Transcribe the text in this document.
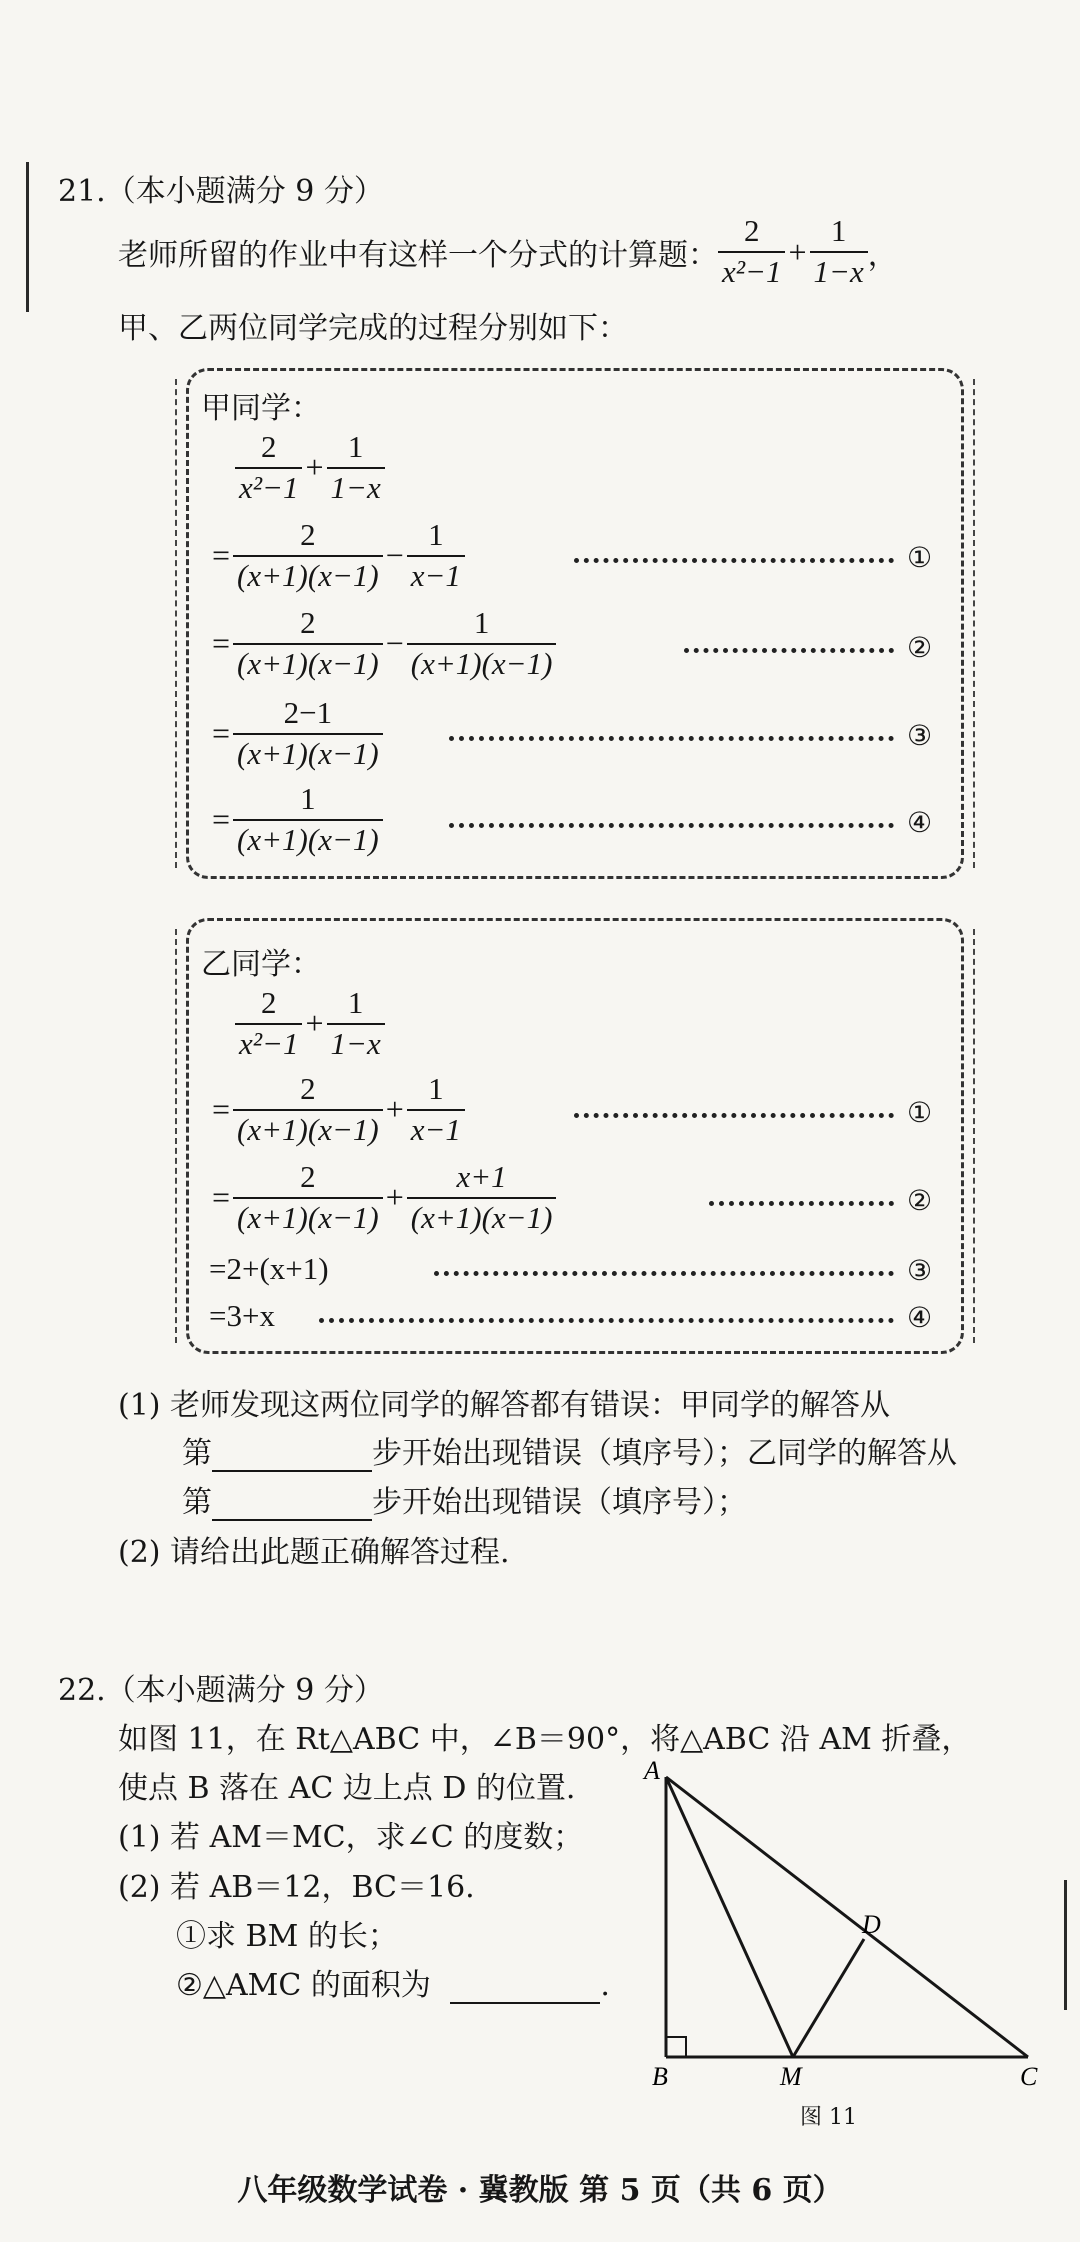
21.（本小题满分 9 分）
老师所留的作业中有这样一个分式的计算题： $\frac{2}{\text{x²−1}} + \frac{1}{1-x}$ ，
甲、乙两位同学完成的过程分别如下：
甲同学：
$\frac{2}{\text{x²−1}} + \frac{1}{1-x}$
= $\frac{2}{(x+1)(x-1)} - \frac{1}{x-1}$	①
= $\frac{2}{(x+1)(x-1)} - \frac{1}{(x+1)(x-1)}$	②
= $\frac{2-1}{(x+1)(x-1)}$	③
= $\frac{1}{(x+1)(x-1)}$	④
乙同学：
$\frac{2}{\text{x²−1}} + \frac{1}{1-x}$
= $\frac{2}{(x+1)(x-1)} + \frac{1}{x-1}$	①
= $\frac{2}{(x+1)(x-1)} + \frac{x+1}{(x+1)(x-1)}$	②
=2+(x+1)	③
=3+x	④
(1) 老师发现这两位同学的解答都有错误：甲同学的解答从
第	步开始出现错误（填序号）；乙同学的解答从
第	步开始出现错误（填序号）；
(2) 请给出此题正确解答过程.
22.（本小题满分 9 分）
如图 11，在 Rt△ABC 中，∠B＝90°，将△ABC 沿 AM 折叠，
使点 B 落在 AC 边上点 D 的位置.
(1) 若 AM＝MC，求∠C 的度数；
(2) 若 AB＝12，BC＝16.
①求 BM 的长；
②△AMC 的面积为	.
A
B	M	C
D
图 11
八年级数学试卷 · 冀教版 第 5 页（共 6 页）
